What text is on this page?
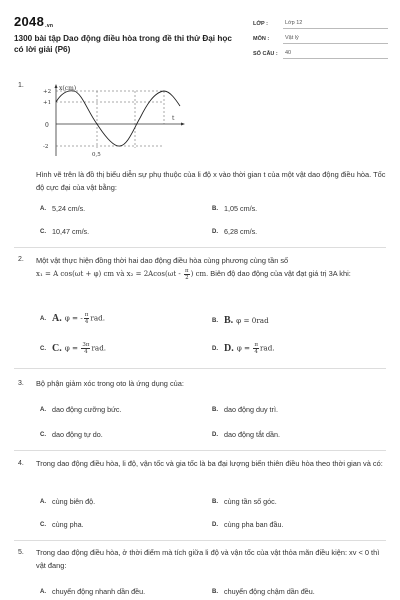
2048.vn
1300 bài tập Dao động điều hòa trong đề thi thử Đại học có lời giải (P6)
LỚP :	Lớp 12
MÔN :	Vật lý
SỐ CÂU :	40
1.	x(cm)
t
+2
+1
0
-2
0,5
Hình vẽ trên là đồ thị biểu diễn sự phụ thuộc của li độ x vào thời gian t của một vật dao động điều hòa. Tốc độ cực đại của vật bằng:
A. 5,24 cm/s.	B. 1,05 cm/s.
C. 10,47 cm/s.	D. 6,28 cm/s.
2. Một vật thực hiện đồng thời hai dao động điều hòa cùng phương cùng tần số
x₁ = A cos(ωt + φ) cm và $x_2 = 2Acos(\omega t - \frac{\pi}{2}$ ) cm. Biên độ dao động của vật đạt giá trị 3A khi:
A. A. φ = - $\frac{\pi}{4}$ rad.	B. B. φ = 0rad
C. C. $\varphi = \frac{3\pi}{4}$ rad.	D. D. $\varphi = \frac{\pi}{4}$ rad.
3. Bộ phận giảm xóc trong oto là ứng dụng của:
A. dao động cưỡng bức.	B. dao động duy trì.
C. dao động tự do.	D. dao động tắt dần.
4. Trong dao động điều hòa, li độ, vận tốc và gia tốc là ba đại lượng biến thiên điều hòa theo thời gian và có:
A. cùng biên độ.	B. cùng tần số góc.
C. cùng pha.	D. cùng pha ban đầu.
5. Trong dao động điều hòa, ở thời điểm mà tích giữa li độ và vận tốc của vật thỏa mãn điều kiện: xv < 0 thì vật đang:
A. chuyển động nhanh dần đều.	B. chuyển động chậm dần đều.
